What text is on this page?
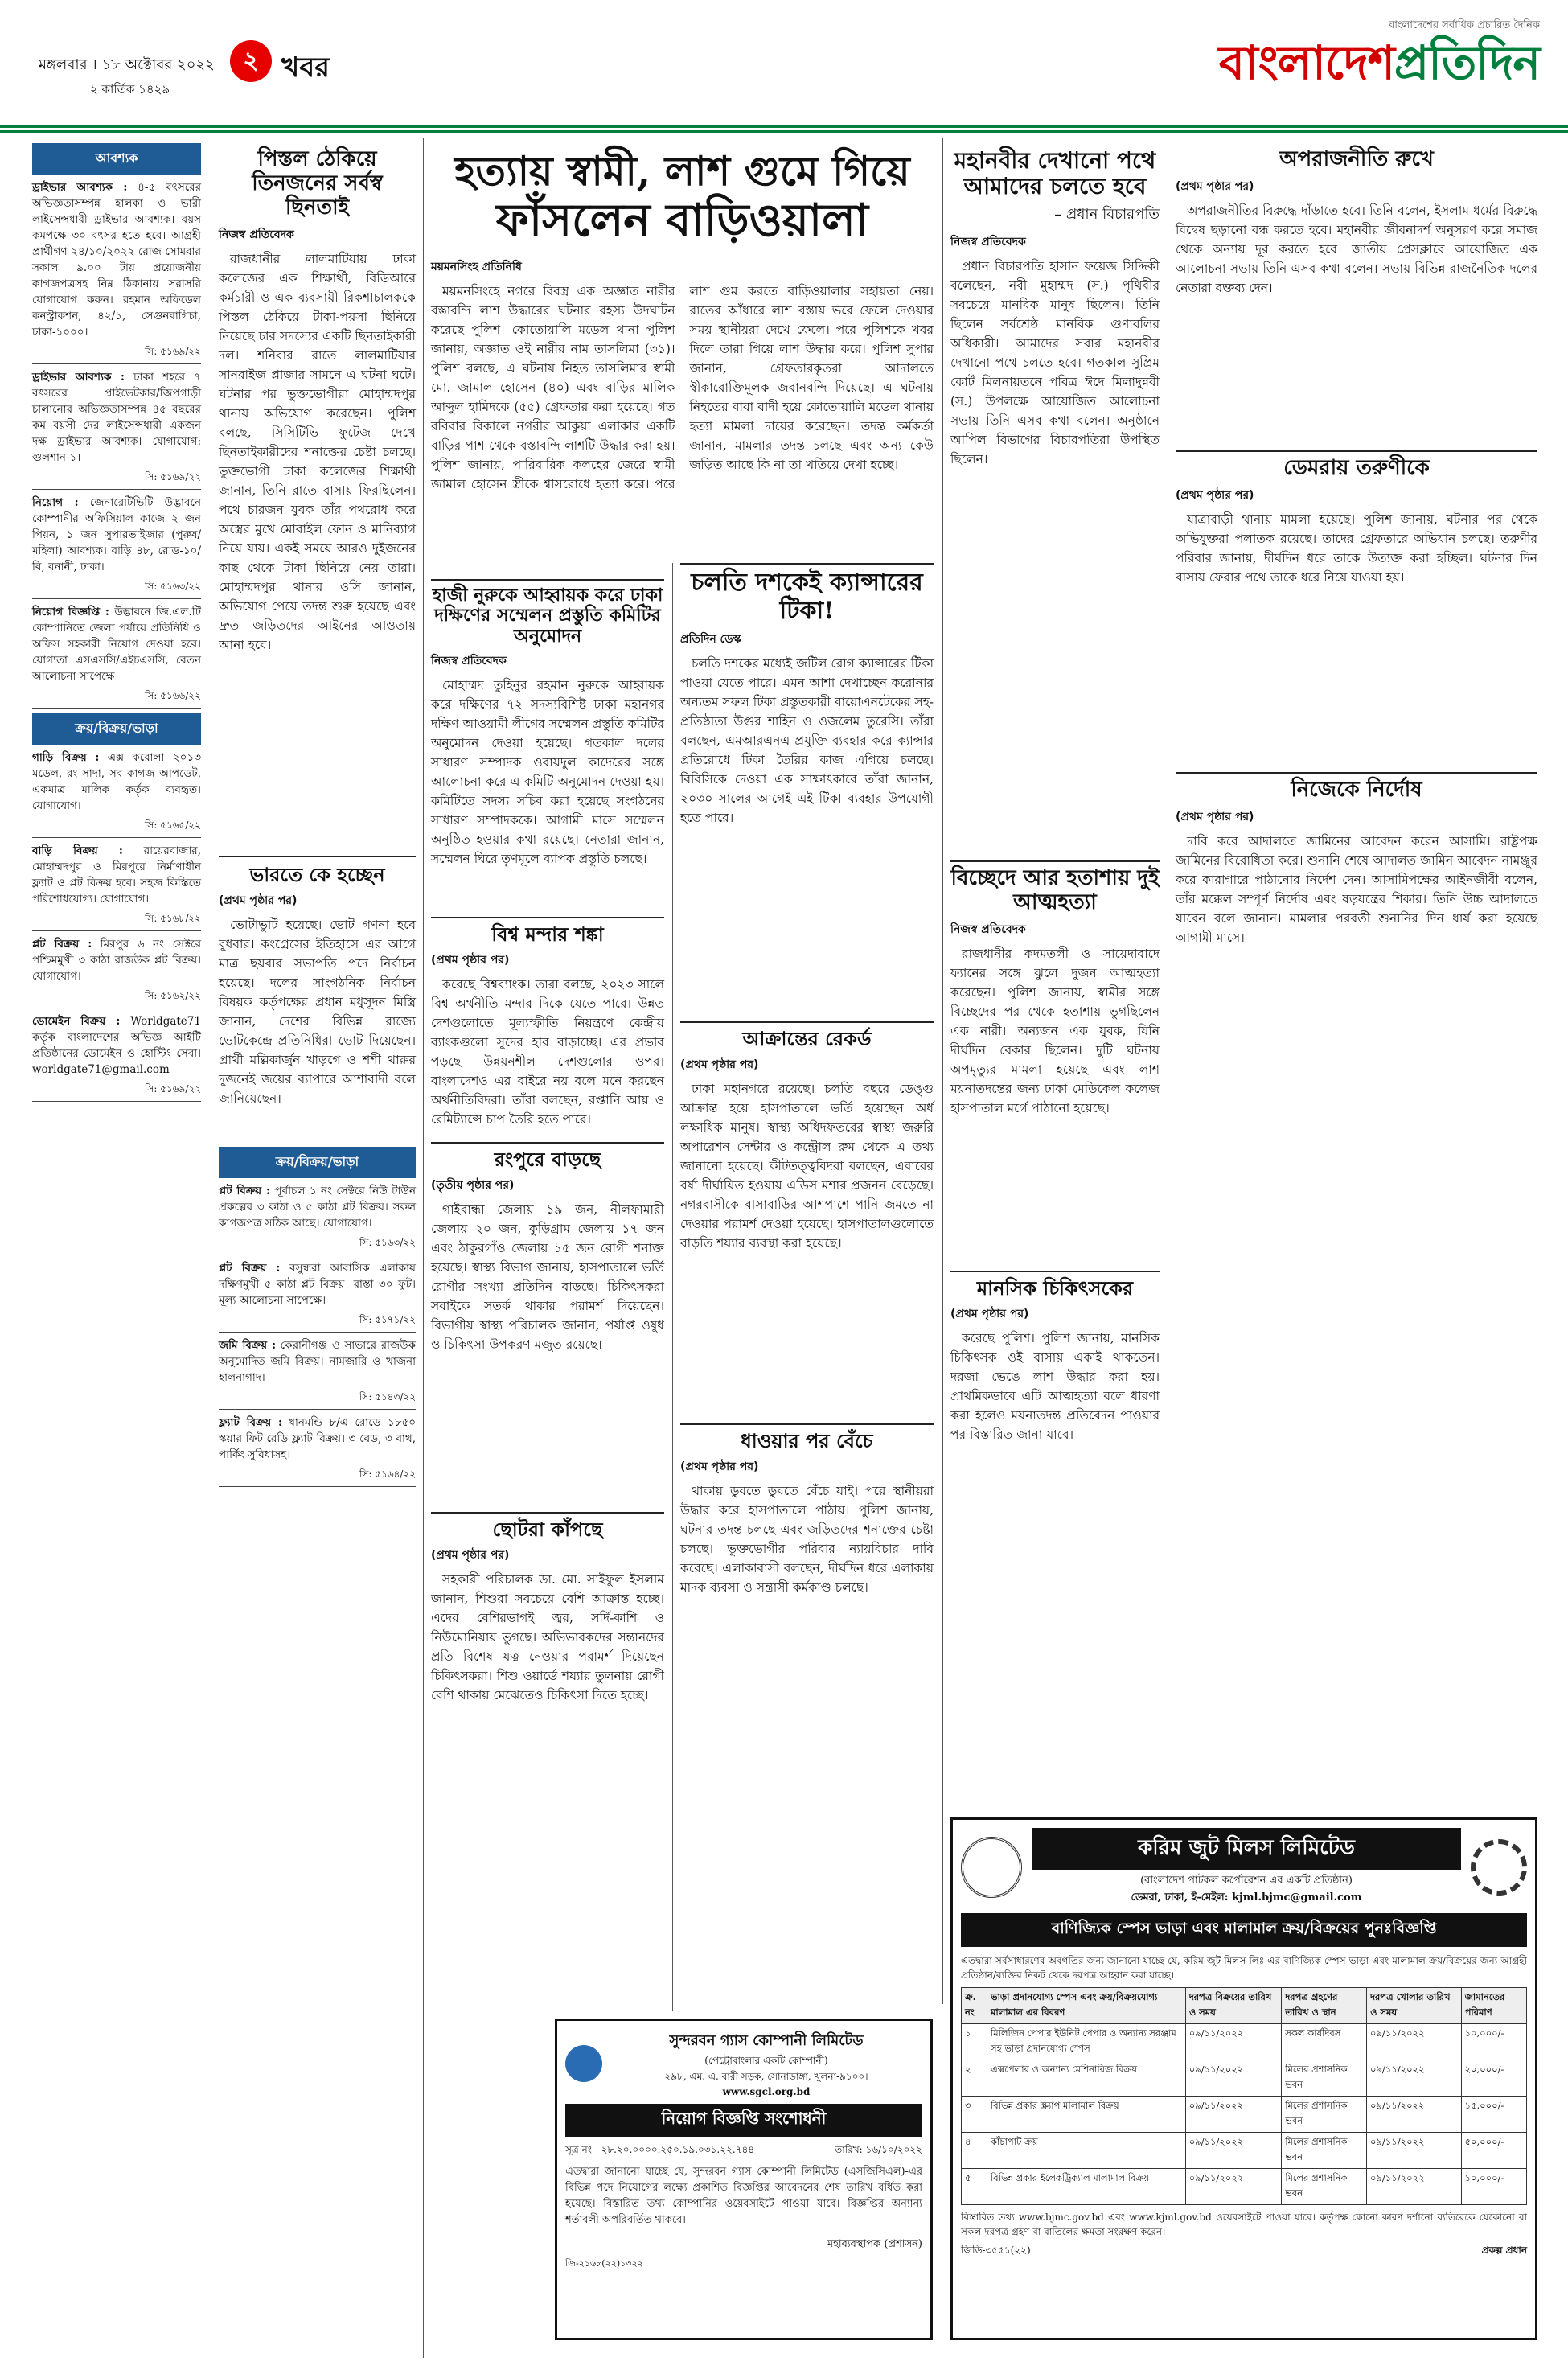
মঙ্গলবার । ১৮ অক্টোবর ২০২২
২ কার্তিক ১৪২৯
২ খবর
বাংলাদেশের সর্বাধিক প্রচারিত দৈনিক
বাংলাদেশপ্রতিদিন
আবশ্যক
ড্রাইভার আবশ্যক : ৪-৫ বৎসরের অভিজ্ঞতাসম্পন্ন হালকা ও ভারী লাইসেন্সধারী ড্রাইভার আবশ্যক। বয়স কমপক্ষে ৩০ বৎসর হতে হবে। আগ্রহী প্রার্থীগণ ২৪/১০/২০২২ রোজ সোমবার সকাল ৯.০০ টায় প্রয়োজনীয় কাগজপত্রসহ নিম্ন ঠিকানায় সরাসরি যোগাযোগ করুন। রহমান অফিডেল কনস্ট্রাকশন, ৪২/১, সেগুনবাগিচা, ঢাকা-১০০০।
সি: ৫১৬৯/২২
ড্রাইভার আবশ্যক : ঢাকা শহরে ৭ বৎসরের প্রাইভেটকার/জিপগাড়ী চালানোর অভিজ্ঞতাসম্পন্ন ৪৫ বছরের কম বয়সী দের লাইসেন্সধারী একজন দক্ষ ড্রাইভার আবশ্যক। যোগাযোগ: গুলশান-১।
সি: ৫১৬৯/২২
নিয়োগ : জেনারেটিভিটি উদ্ভাবনে কোম্পানীর অফিসিয়াল কাজে ২ জন পিয়ন, ১ জন সুপারভাইজার (পুরুষ/মহিলা) আবশ্যক। বাড়ি ৪৮, রোড-১০/বি, বনানী, ঢাকা।
সি: ৫১৬৩/২২
নিয়োগ বিজ্ঞপ্তি : উদ্ভাবনে জি.এল.টি কোম্পানিতে জেলা পর্যায়ে প্রতিনিধি ও অফিস সহকারী নিয়োগ দেওয়া হবে। যোগ্যতা এসএসসি/এইচএসসি, বেতন আলোচনা সাপেক্ষে।
সি: ৫১৬৬/২২
ক্রয়/বিক্রয়/ভাড়া
গাড়ি বিক্রয় : এক্স করোলা ২০১৩ মডেল, রং সাদা, সব কাগজ আপডেট, একমাত্র মালিক কর্তৃক ব্যবহৃত। যোগাযোগ।
সি: ৫১৬৫/২২
বাড়ি বিক্রয় : রায়েরবাজার, মোহাম্মদপুর ও মিরপুরে নির্মাণাধীন ফ্ল্যাট ও প্লট বিক্রয় হবে। সহজ কিস্তিতে পরিশোধযোগ্য। যোগাযোগ।
সি: ৫১৬৮/২২
প্লট বিক্রয় : মিরপুর ৬ নং সেক্টরে পশ্চিমমুখী ৩ কাঠা রাজউক প্লট বিক্রয়। যোগাযোগ।
সি: ৫১৬২/২২
ডোমেইন বিক্রয় : Worldgate71 কর্তৃক বাংলাদেশের অভিজ্ঞ আইটি প্রতিষ্ঠানের ডোমেইন ও হোস্টিং সেবা। worldgate71@gmail.com
সি: ৫১৬৯/২২
পিস্তল ঠেকিয়ে তিনজনের সর্বস্ব ছিনতাই
নিজস্ব প্রতিবেদক

রাজধানীর লালমাটিয়ায় ঢাকা কলেজের এক শিক্ষার্থী, বিডিআরে কর্মচারী ও এক ব্যবসায়ী রিকশাচালককে পিস্তল ঠেকিয়ে টাকা-পয়সা ছিনিয়ে নিয়েছে চার সদস্যের একটি ছিনতাইকারী দল। শনিবার রাতে লালমাটিয়ার সানরাইজ প্লাজার সামনে এ ঘটনা ঘটে। ঘটনার পর ভুক্তভোগীরা মোহাম্মদপুর থানায় অভিযোগ করেছেন। পুলিশ বলছে, সিসিটিভি ফুটেজ দেখে ছিনতাইকারীদের শনাক্তের চেষ্টা চলছে। ভুক্তভোগী ঢাকা কলেজের শিক্ষার্থী জানান, তিনি রাতে বাসায় ফিরছিলেন। পথে চারজন যুবক তাঁর পথরোধ করে অস্ত্রের মুখে মোবাইল ফোন ও মানিব্যাগ নিয়ে যায়। একই সময়ে আরও দুইজনের কাছ থেকে টাকা ছিনিয়ে নেয় তারা। মোহাম্মদপুর থানার ওসি জানান, অভিযোগ পেয়ে তদন্ত শুরু হয়েছে এবং দ্রুত জড়িতদের আইনের আওতায় আনা হবে।

ভারতে কে হচ্ছেন
(প্রথম পৃষ্ঠার পর)

ভোটাভুটি হয়েছে। ভোট গণনা হবে বুধবার। কংগ্রেসের ইতিহাসে এর আগে মাত্র ছয়বার সভাপতি পদে নির্বাচন হয়েছে। দলের সাংগঠনিক নির্বাচন বিষয়ক কর্তৃপক্ষের প্রধান মধুসূদন মিস্ত্রি জানান, দেশের বিভিন্ন রাজ্যে ভোটকেন্দ্রে প্রতিনিধিরা ভোট দিয়েছেন। প্রার্থী মল্লিকার্জুন খাড়গে ও শশী থারুর দুজনেই জয়ের ব্যাপারে আশাবাদী বলে জানিয়েছেন।

ক্রয়/বিক্রয়/ভাড়া
প্লট বিক্রয় : পূর্বাচল ১ নং সেক্টরে নিউ টাউন প্রকল্পের ৩ কাঠা ও ৫ কাঠা প্লট বিক্রয়। সকল কাগজপত্র সঠিক আছে। যোগাযোগ।
সি: ৫১৬৩/২২
প্লট বিক্রয় : বসুন্ধরা আবাসিক এলাকায় দক্ষিণমুখী ৫ কাঠা প্লট বিক্রয়। রাস্তা ৩০ ফুট। মূল্য আলোচনা সাপেক্ষে।
সি: ৫১৭১/২২
জমি বিক্রয় : কেরানীগঞ্জ ও সাভারে রাজউক অনুমোদিত জমি বিক্রয়। নামজারি ও খাজনা হালনাগাদ।
সি: ৫১৪৩/২২
ফ্ল্যাট বিক্রয় : ধানমন্ডি ৮/এ রোডে ১৮৫০ স্কয়ার ফিট রেডি ফ্ল্যাট বিক্রয়। ৩ বেড, ৩ বাথ, পার্কিং সুবিধাসহ।
সি: ৫১৬৪/২২
হত্যায় স্বামী, লাশ গুমে গিয়ে
ফাঁসলেন বাড়িওয়ালা
ময়মনসিংহ প্রতিনিধি

ময়মনসিংহে নগরে বিবস্ত্র এক অজ্ঞাত নারীর বস্তাবন্দি লাশ উদ্ধারের ঘটনার রহস্য উদঘাটন করেছে পুলিশ। কোতোয়ালি মডেল থানা পুলিশ জানায়, অজ্ঞাত ওই নারীর নাম তাসলিমা (৩১)। পুলিশ বলছে, এ ঘটনায় নিহত তাসলিমার স্বামী মো. জামাল হোসেন (৪০) এবং বাড়ির মালিক আব্দুল হামিদকে (৫৫) গ্রেফতার করা হয়েছে। গত রবিবার বিকালে নগরীর আকুয়া এলাকার একটি বাড়ির পাশ থেকে বস্তাবন্দি লাশটি উদ্ধার করা হয়। পুলিশ জানায়, পারিবারিক কলহের জেরে স্বামী জামাল হোসেন স্ত্রীকে শ্বাসরোধে হত্যা করে। পরে লাশ গুম করতে বাড়িওয়ালার সহায়তা নেয়। রাতের আঁধারে লাশ বস্তায় ভরে ফেলে দেওয়ার সময় স্থানীয়রা দেখে ফেলে। পরে পুলিশকে খবর দিলে তারা গিয়ে লাশ উদ্ধার করে। পুলিশ সুপার জানান, গ্রেফতারকৃতরা আদালতে স্বীকারোক্তিমূলক জবানবন্দি দিয়েছে। এ ঘটনায় নিহতের বাবা বাদী হয়ে কোতোয়ালি মডেল থানায় হত্যা মামলা দায়ের করেছেন। তদন্ত কর্মকর্তা জানান, মামলার তদন্ত চলছে এবং অন্য কেউ জড়িত আছে কি না তা খতিয়ে দেখা হচ্ছে।

হাজী নুরুকে আহ্বায়ক করে ঢাকা দক্ষিণের সম্মেলন প্রস্তুতি কমিটির অনুমোদন
নিজস্ব প্রতিবেদক

মোহাম্মদ তুহিনুর রহমান নুরুকে আহ্বায়ক করে দক্ষিণের ৭২ সদস্যবিশিষ্ট ঢাকা মহানগর দক্ষিণ আওয়ামী লীগের সম্মেলন প্রস্তুতি কমিটির অনুমোদন দেওয়া হয়েছে। গতকাল দলের সাধারণ সম্পাদক ওবায়দুল কাদেরের সঙ্গে আলোচনা করে এ কমিটি অনুমোদন দেওয়া হয়। কমিটিতে সদস্য সচিব করা হয়েছে সংগঠনের সাধারণ সম্পাদককে। আগামী মাসে সম্মেলন অনুষ্ঠিত হওয়ার কথা রয়েছে। নেতারা জানান, সম্মেলন ঘিরে তৃণমূলে ব্যাপক প্রস্তুতি চলছে।

বিশ্ব মন্দার শঙ্কা
(প্রথম পৃষ্ঠার পর)

করেছে বিশ্বব্যাংক। তারা বলছে, ২০২৩ সালে বিশ্ব অর্থনীতি মন্দার দিকে যেতে পারে। উন্নত দেশগুলোতে মূল্যস্ফীতি নিয়ন্ত্রণে কেন্দ্রীয় ব্যাংকগুলো সুদের হার বাড়াচ্ছে। এর প্রভাব পড়ছে উন্নয়নশীল দেশগুলোর ওপর। বাংলাদেশও এর বাইরে নয় বলে মনে করছেন অর্থনীতিবিদরা। তাঁরা বলছেন, রপ্তানি আয় ও রেমিট্যান্সে চাপ তৈরি হতে পারে।

রংপুরে বাড়ছে
(তৃতীয় পৃষ্ঠার পর)

গাইবান্ধা জেলায় ১৯ জন, নীলফামারী জেলায় ২০ জন, কুড়িগ্রাম জেলায় ১৭ জন এবং ঠাকুরগাঁও জেলায় ১৫ জন রোগী শনাক্ত হয়েছে। স্বাস্থ্য বিভাগ জানায়, হাসপাতালে ভর্তি রোগীর সংখ্যা প্রতিদিন বাড়ছে। চিকিৎসকরা সবাইকে সতর্ক থাকার পরামর্শ দিয়েছেন। বিভাগীয় স্বাস্থ্য পরিচালক জানান, পর্যাপ্ত ওষুধ ও চিকিৎসা উপকরণ মজুত রয়েছে।

ছোটরা কাঁপছে
(প্রথম পৃষ্ঠার পর)

সহকারী পরিচালক ডা. মো. সাইফুল ইসলাম জানান, শিশুরা সবচেয়ে বেশি আক্রান্ত হচ্ছে। এদের বেশিরভাগই জ্বর, সর্দি-কাশি ও নিউমোনিয়ায় ভুগছে। অভিভাবকদের সন্তানদের প্রতি বিশেষ যত্ন নেওয়ার পরামর্শ দিয়েছেন চিকিৎসকরা। শিশু ওয়ার্ডে শয্যার তুলনায় রোগী বেশি থাকায় মেঝেতেও চিকিৎসা দিতে হচ্ছে।

চলতি দশকেই ক্যান্সারের টিকা!
প্রতিদিন ডেস্ক

চলতি দশকের মধ্যেই জটিল রোগ ক্যান্সারের টিকা পাওয়া যেতে পারে। এমন আশা দেখাচ্ছেন করোনার অন্যতম সফল টিকা প্রস্তুতকারী বায়োএনটেকের সহ-প্রতিষ্ঠাতা উগুর শাহিন ও ওজলেম তুরেসি। তাঁরা বলছেন, এমআরএনএ প্রযুক্তি ব্যবহার করে ক্যান্সার প্রতিরোধে টিকা তৈরির কাজ এগিয়ে চলছে। বিবিসিকে দেওয়া এক সাক্ষাৎকারে তাঁরা জানান, ২০৩০ সালের আগেই এই টিকা ব্যবহার উপযোগী হতে পারে।

আক্রান্তের রেকর্ড
(প্রথম পৃষ্ঠার পর)

ঢাকা মহানগরে রয়েছে। চলতি বছরে ডেঙ্গু আক্রান্ত হয়ে হাসপাতালে ভর্তি হয়েছেন অর্ধ লক্ষাধিক মানুষ। স্বাস্থ্য অধিদফতরের স্বাস্থ্য জরুরি অপারেশন সেন্টার ও কন্ট্রোল রুম থেকে এ তথ্য জানানো হয়েছে। কীটতত্ত্ববিদরা বলছেন, এবারের বর্ষা দীর্ঘায়িত হওয়ায় এডিস মশার প্রজনন বেড়েছে। নগরবাসীকে বাসাবাড়ির আশপাশে পানি জমতে না দেওয়ার পরামর্শ দেওয়া হয়েছে। হাসপাতালগুলোতে বাড়তি শয্যার ব্যবস্থা করা হয়েছে।

ধাওয়ার পর বেঁচে
(প্রথম পৃষ্ঠার পর)

থাকায় ডুবতে ডুবতে বেঁচে যাই। পরে স্থানীয়রা উদ্ধার করে হাসপাতালে পাঠায়। পুলিশ জানায়, ঘটনার তদন্ত চলছে এবং জড়িতদের শনাক্তের চেষ্টা চলছে। ভুক্তভোগীর পরিবার ন্যায়বিচার দাবি করেছে। এলাকাবাসী বলছেন, দীর্ঘদিন ধরে এলাকায় মাদক ব্যবসা ও সন্ত্রাসী কর্মকাণ্ড চলছে।

সুন্দরবন গ্যাস কোম্পানী লিমিটেড
(পেট্রোবাংলার একটি কোম্পানী)
২৯৮, এম. এ. বারী সড়ক, সোনাডাঙ্গা, খুলনা-৯১০০।
www.sgcl.org.bd
নিয়োগ বিজ্ঞপ্তি সংশোধনী
সূত্র নং - ২৮.২০.০০০০.২৫০.১৯.০৩১.২২.৭৪৪	তারিখ: ১৬/১০/২০২২
এতদ্বারা জানানো যাচ্ছে যে, সুন্দরবন গ্যাস কোম্পানী লিমিটেড (এসজিসিএল)-এর বিভিন্ন পদে নিয়োগের লক্ষ্যে প্রকাশিত বিজ্ঞপ্তির আবেদনের শেষ তারিখ বর্ধিত করা হয়েছে। বিস্তারিত তথ্য কোম্পানির ওয়েবসাইটে পাওয়া যাবে। বিজ্ঞপ্তির অন্যান্য শর্তাবলী অপরিবর্তিত থাকবে।
মহাব্যবস্থাপক (প্রশাসন)
জি-২১৬৮(২২)১৩২২
মহানবীর দেখানো পথে আমাদের চলতে হবে
– প্রধান বিচারপতি
নিজস্ব প্রতিবেদক

প্রধান বিচারপতি হাসান ফয়েজ সিদ্দিকী বলেছেন, নবী মুহাম্মদ (স.) পৃথিবীর সবচেয়ে মানবিক মানুষ ছিলেন। তিনি ছিলেন সর্বশ্রেষ্ঠ মানবিক গুণাবলির অধিকারী। আমাদের সবার মহানবীর দেখানো পথে চলতে হবে। গতকাল সুপ্রিম কোর্ট মিলনায়তনে পবিত্র ঈদে মিলাদুন্নবী (স.) উপলক্ষে আয়োজিত আলোচনা সভায় তিনি এসব কথা বলেন। অনুষ্ঠানে আপিল বিভাগের বিচারপতিরা উপস্থিত ছিলেন।

বিচ্ছেদে আর হতাশায় দুই আত্মহত্যা
নিজস্ব প্রতিবেদক

রাজধানীর কদমতলী ও সায়েদাবাদে ফ্যানের সঙ্গে ঝুলে দুজন আত্মহত্যা করেছেন। পুলিশ জানায়, স্বামীর সঙ্গে বিচ্ছেদের পর থেকে হতাশায় ভুগছিলেন এক নারী। অন্যজন এক যুবক, যিনি দীর্ঘদিন বেকার ছিলেন। দুটি ঘটনায় অপমৃত্যুর মামলা হয়েছে এবং লাশ ময়নাতদন্তের জন্য ঢাকা মেডিকেল কলেজ হাসপাতাল মর্গে পাঠানো হয়েছে।

মানসিক চিকিৎসকের
(প্রথম পৃষ্ঠার পর)

করেছে পুলিশ। পুলিশ জানায়, মানসিক চিকিৎসক ওই বাসায় একাই থাকতেন। দরজা ভেঙে লাশ উদ্ধার করা হয়। প্রাথমিকভাবে এটি আত্মহত্যা বলে ধারণা করা হলেও ময়নাতদন্ত প্রতিবেদন পাওয়ার পর বিস্তারিত জানা যাবে।

অপরাজনীতি রুখে
(প্রথম পৃষ্ঠার পর)

অপরাজনীতির বিরুদ্ধে দাঁড়াতে হবে। তিনি বলেন, ইসলাম ধর্মের বিরুদ্ধে বিদ্বেষ ছড়ানো বন্ধ করতে হবে। মহানবীর জীবনাদর্শ অনুসরণ করে সমাজ থেকে অন্যায় দূর করতে হবে। জাতীয় প্রেসক্লাবে আয়োজিত এক আলোচনা সভায় তিনি এসব কথা বলেন। সভায় বিভিন্ন রাজনৈতিক দলের নেতারা বক্তব্য দেন।

ডেমরায় তরুণীকে
(প্রথম পৃষ্ঠার পর)

যাত্রাবাড়ী থানায় মামলা হয়েছে। পুলিশ জানায়, ঘটনার পর থেকে অভিযুক্তরা পলাতক রয়েছে। তাদের গ্রেফতারে অভিযান চলছে। তরুণীর পরিবার জানায়, দীর্ঘদিন ধরে তাকে উত্যক্ত করা হচ্ছিল। ঘটনার দিন বাসায় ফেরার পথে তাকে ধরে নিয়ে যাওয়া হয়।

নিজেকে নির্দোষ
(প্রথম পৃষ্ঠার পর)

দাবি করে আদালতে জামিনের আবেদন করেন আসামি। রাষ্ট্রপক্ষ জামিনের বিরোধিতা করে। শুনানি শেষে আদালত জামিন আবেদন নামঞ্জুর করে কারাগারে পাঠানোর নির্দেশ দেন। আসামিপক্ষের আইনজীবী বলেন, তাঁর মক্কেল সম্পূর্ণ নির্দোষ এবং ষড়যন্ত্রের শিকার। তিনি উচ্চ আদালতে যাবেন বলে জানান। মামলার পরবর্তী শুনানির দিন ধার্য করা হয়েছে আগামী মাসে।

করিম জুট মিলস লিমিটেড
(বাংলাদেশ পাটকল কর্পোরেশন এর একটি প্রতিষ্ঠান)
ডেমরা, ঢাকা, ই-মেইল: kjml.bjmc@gmail.com
বাণিজ্যিক স্পেস ভাড়া এবং মালামাল ক্রয়/বিক্রয়ের পুনঃবিজ্ঞপ্তি
এতদ্বারা সর্বসাধারণের অবগতির জন্য জানানো যাচ্ছে যে, করিম জুট মিলস লিঃ এর বাণিজ্যিক স্পেস ভাড়া এবং মালামাল ক্রয়/বিক্রয়ের জন্য আগ্রহী প্রতিষ্ঠান/ব্যক্তির নিকট থেকে দরপত্র আহ্বান করা যাচ্ছে।
ক্র. নং	ভাড়া প্রদানযোগ্য স্পেস এবং ক্রয়/বিক্রয়যোগ্য মালামাল এর বিবরণ	দরপত্র বিক্রয়ের তারিখ ও সময়	দরপত্র গ্রহণের তারিখ ও স্থান	দরপত্র খোলার তারিখ ও সময়	জামানতের পরিমাণ
১	মিলিজিন পেপার ইউনিট পেপার ও অন্যান্য সরঞ্জাম সহ ভাড়া প্রদানযোগ্য স্পেস	০৯/১১/২০২২	সকল কার্যদিবস	০৯/১১/২০২২	১০,০০০/-
২	এক্সপেলার ও অন্যান্য মেশিনারিজ বিক্রয়	০৯/১১/২০২২	মিলের প্রশাসনিক ভবন	০৯/১১/২০২২	২০,০০০/-
৩	বিভিন্ন প্রকার স্ক্র্যাপ মালামাল বিক্রয়	০৯/১১/২০২২	মিলের প্রশাসনিক ভবন	০৯/১১/২০২২	১৫,০০০/-
৪	কাঁচাপাট ক্রয়	০৯/১১/২০২২	মিলের প্রশাসনিক ভবন	০৯/১১/২০২২	৫০,০০০/-
৫	বিভিন্ন প্রকার ইলেকট্রিক্যাল মালামাল বিক্রয়	০৯/১১/২০২২	মিলের প্রশাসনিক ভবন	০৯/১১/২০২২	১০,০০০/-
বিস্তারিত তথ্য www.bjmc.gov.bd এবং www.kjml.gov.bd ওয়েবসাইটে পাওয়া যাবে। কর্তৃপক্ষ কোনো কারণ দর্শানো ব্যতিরেকে যেকোনো বা সকল দরপত্র গ্রহণ বা বাতিলের ক্ষমতা সংরক্ষণ করেন।
জিডি-৩৫৫১(২২)	প্রকল্প প্রধান
